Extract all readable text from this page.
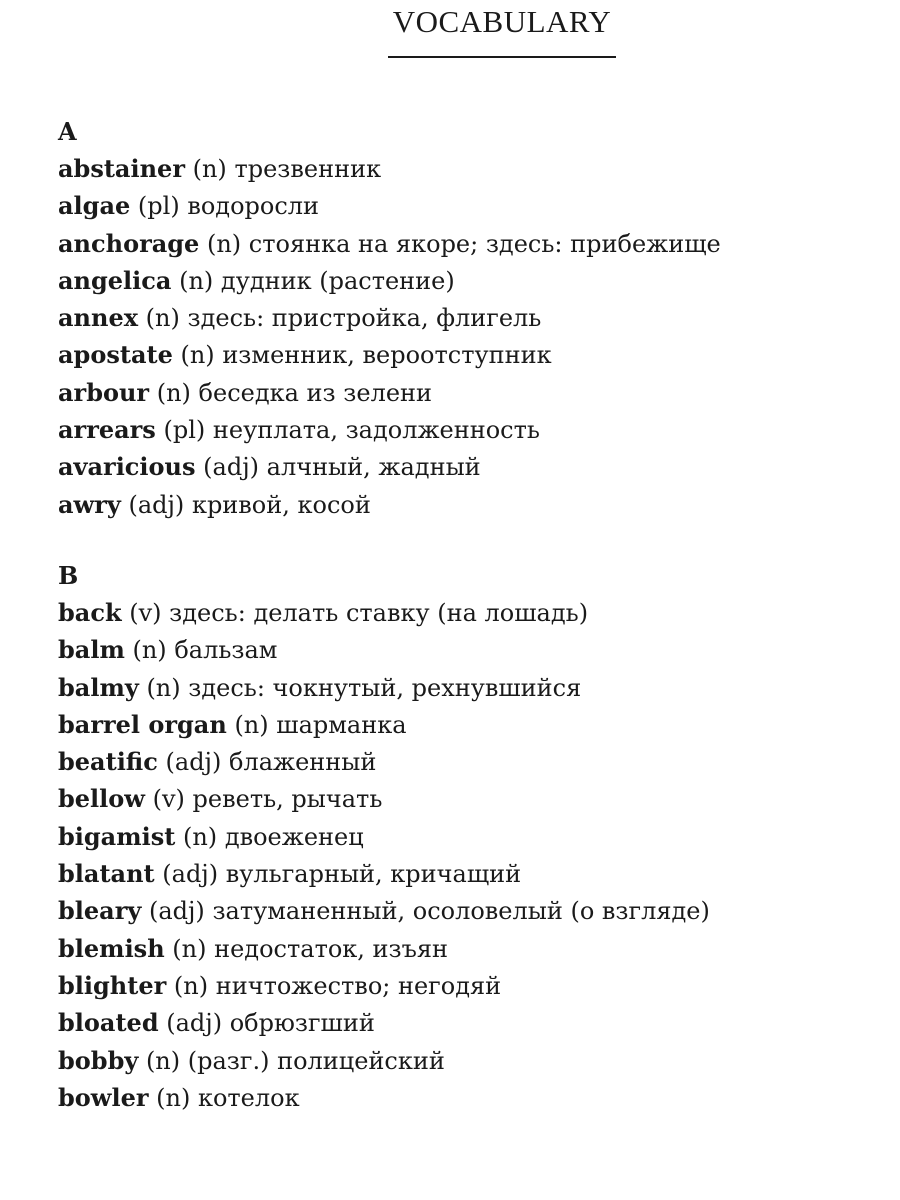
VOCABULARY
A
abstainer (n) трезвенник
algae (pl) водоросли
anchorage (n) стоянка на якоре; здесь: прибежище
angelica (n) дудник (растение)
annex (n) здесь: пристройка, флигель
apostate (n) изменник, вероотступник
arbour (n) беседка из зелени
arrears (pl) неуплата, задолженность
avaricious (adj) алчный, жадный
awry (adj) кривой, косой
B
back (v) здесь: делать ставку (на лошадь)
balm (n) бальзам
balmy (n) здесь: чокнутый, рехнувшийся
barrel organ (n) шарманка
beatific (adj) блаженный
bellow (v) реветь, рычать
bigamist (n) двоеженец
blatant (adj) вульгарный, кричащий
bleary (adj) затуманенный, осоловелый (о взгляде)
blemish (n) недостаток, изъян
blighter (n) ничтожество; негодяй
bloated (adj) обрюзгший
bobby (n) (разг.) полицейский
bowler (n) котелок
